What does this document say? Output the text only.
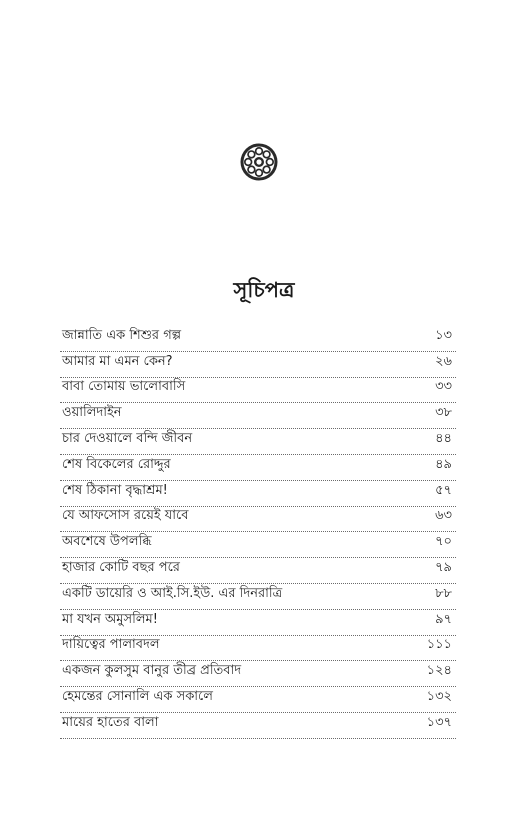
সূচিপত্র
জান্নাতি এক শিশুর গল্প	১৩
আমার মা এমন কেন?	২৬
বাবা তোমায় ভালোবাসি	৩৩
ওয়ালিদাইন	৩৮
চার দেওয়ালে বন্দি জীবন	৪৪
শেষ বিকেলের রোদ্দুর	৪৯
শেষ ঠিকানা বৃদ্ধাশ্রম!	৫৭
যে আফসোস রয়েই যাবে	৬৩
অবশেষে উপলব্ধি	৭০
হাজার কোটি বছর পরে	৭৯
একটি ডায়েরি ও আই.সি.ইউ. এর দিনরাত্রি	৮৮
মা যখন অমুসলিম!	৯৭
দায়িত্বের পালাবদল	১১১
একজন কুলসুম বানুর তীব্র প্রতিবাদ	১২৪
হেমন্তের সোনালি এক সকালে	১৩২
মায়ের হাতের বালা	১৩৭
